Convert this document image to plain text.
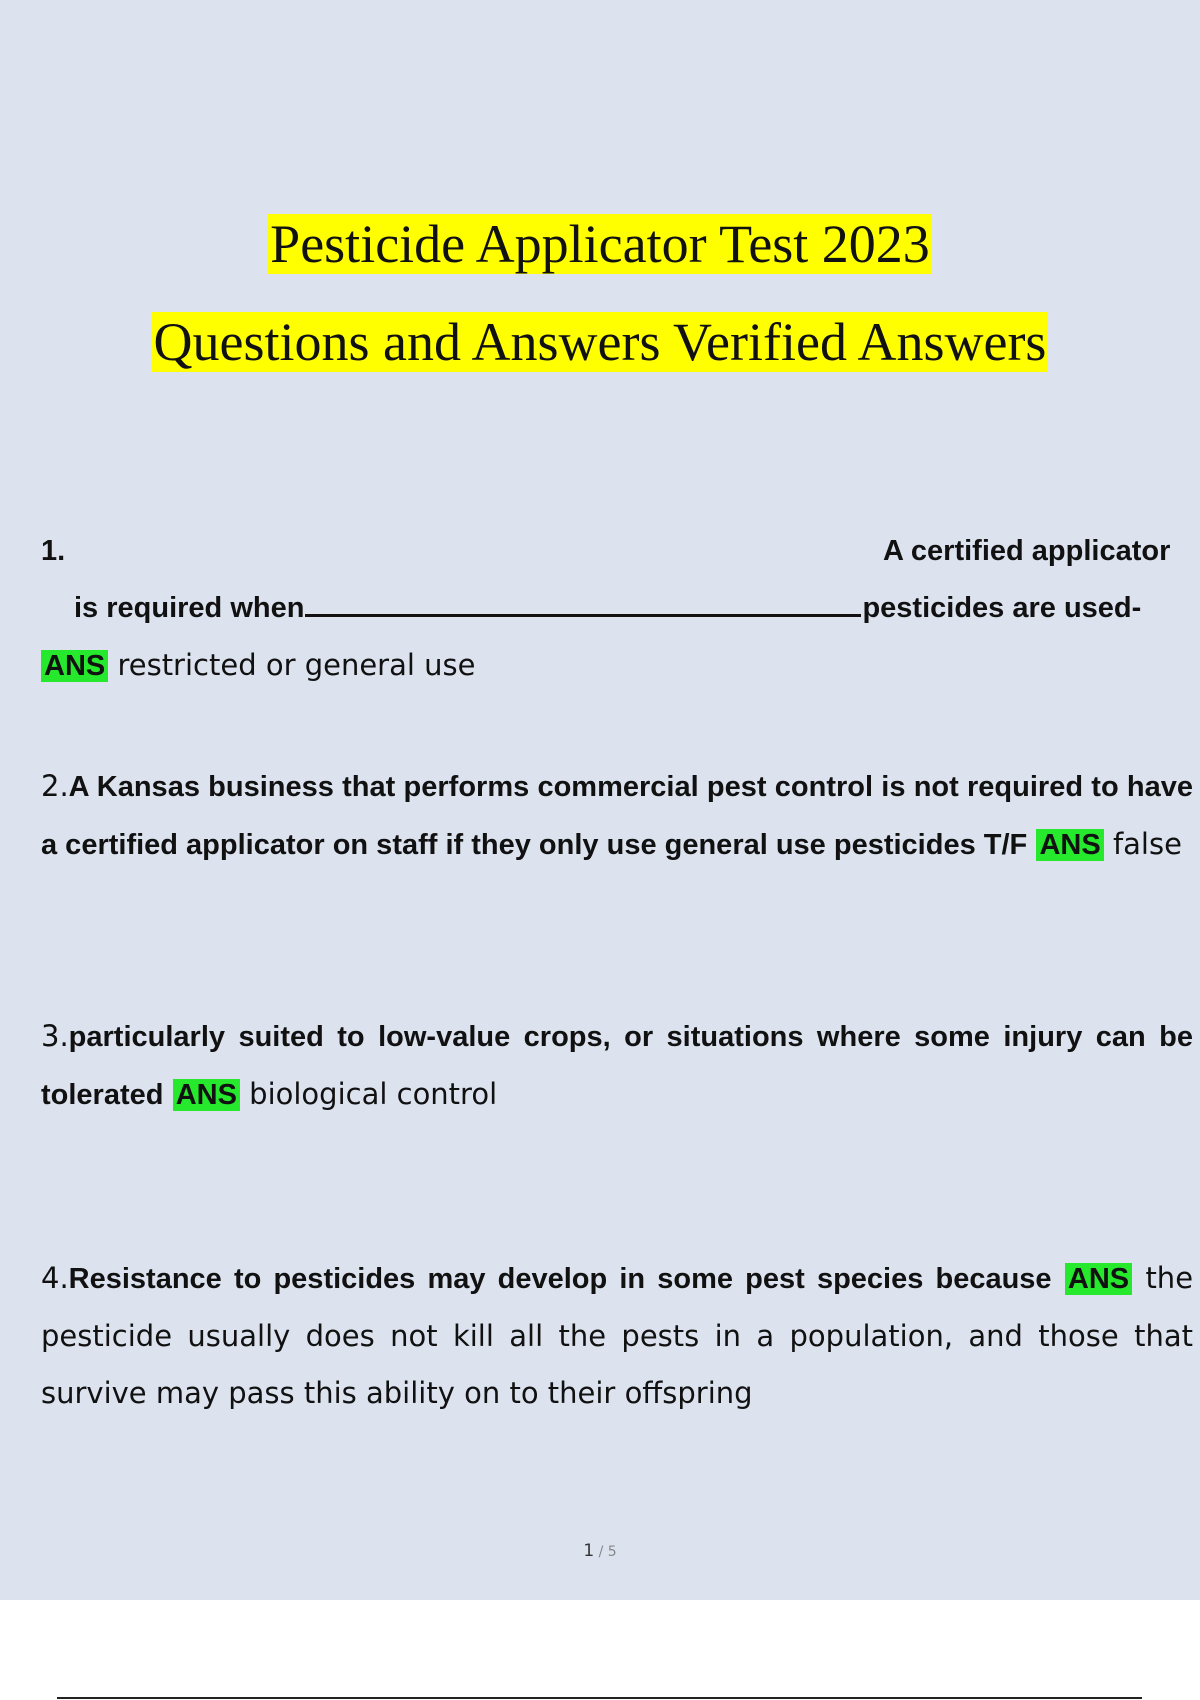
Pesticide Applicator Test 2023
Questions and Answers Verified Answers
1.	A certified applicator
is required when	pesticides are used-
ANS restricted or general use
2.A Kansas business that performs commercial pest control is not required to have a certified applicator on staff if they only use general use pesticides T/F ANS false
3.particularly suited to low-value crops, or situations where some injury can be tolerated ANS biological control
4.Resistance to pesticides may develop in some pest species because ANS the pesticide usually does not kill all the pests in a population, and those that survive may pass this ability on to their offspring
1 / 5
